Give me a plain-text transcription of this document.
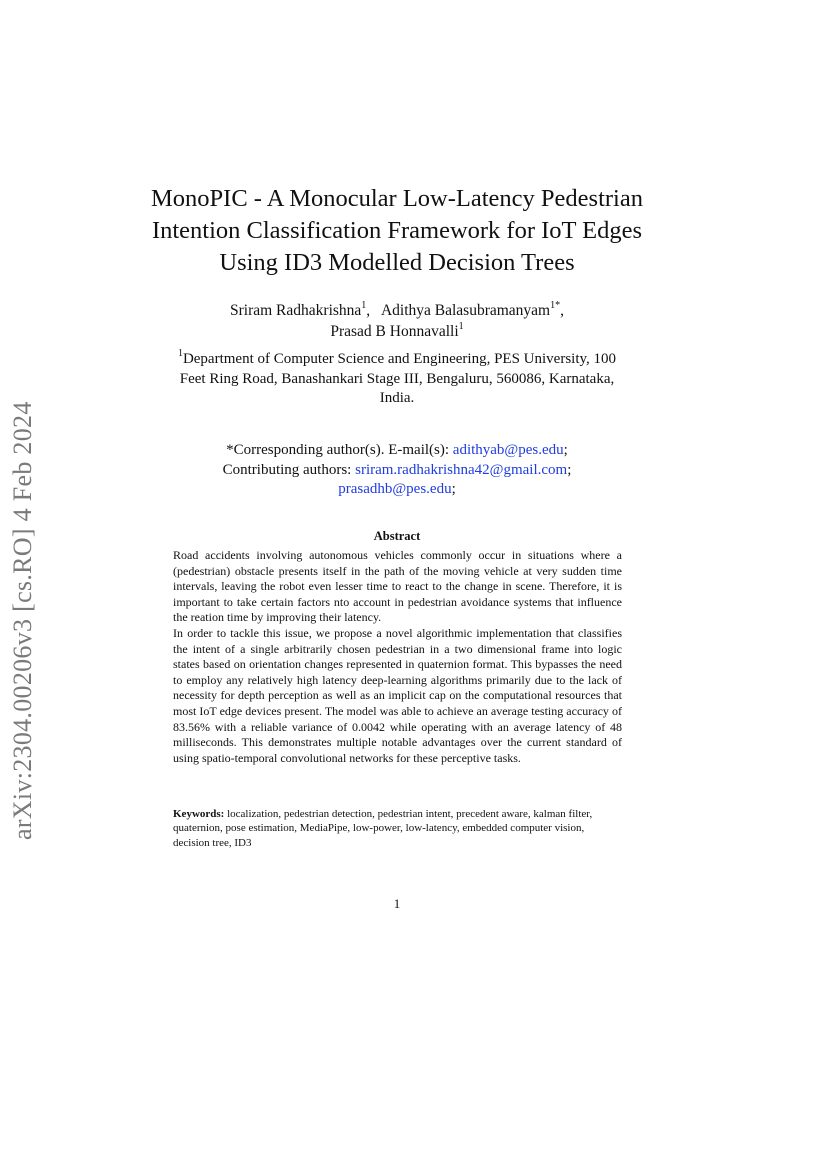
arXiv:2304.00206v3 [cs.RO] 4 Feb 2024
MonoPIC - A Monocular Low-Latency Pedestrian
Intention Classification Framework for IoT Edges
Using ID3 Modelled Decision Trees
Sriram Radhakrishna$^1$,   Adithya Balasubramanyam$^{1*}$,
Prasad B Honnavalli$^1$
$^1$Department of Computer Science and Engineering, PES University, 100
Feet Ring Road, Banashankari Stage III, Bengaluru, 560086, Karnataka,
India.
*Corresponding author(s). E-mail(s): adithyab@pes.edu;
Contributing authors: sriram.radhakrishna42@gmail.com;
prasadhb@pes.edu;
Abstract

Road accidents involving autonomous vehicles commonly occur in situations where a (pedestrian) obstacle presents itself in the path of the moving vehicle at very sudden time intervals, leaving the robot even lesser time to react to the change in scene. Therefore, it is important to take certain factors nto account in pedestrian avoidance systems that influence the reation time by improving their latency.

In order to tackle this issue, we propose a novel algorithmic implementation that classifies the intent of a single arbitrarily chosen pedestrian in a two dimensional frame into logic states based on orientation changes represented in quaternion format. This bypasses the need to employ any relatively high latency deep-learning algorithms primarily due to the lack of necessity for depth perception as well as an implicit cap on the computational resources that most IoT edge devices present. The model was able to achieve an average testing accuracy of 83.56% with a reliable variance of 0.0042 while operating with an average latency of 48 milliseconds. This demonstrates multiple notable advantages over the current standard of using spatio-temporal convolutional networks for these perceptive tasks.

Keywords: localization, pedestrian detection, pedestrian intent, precedent aware, kalman filter, quaternion, pose estimation, MediaPipe, low-power, low-latency, embedded computer vision, decision tree, ID3
1
